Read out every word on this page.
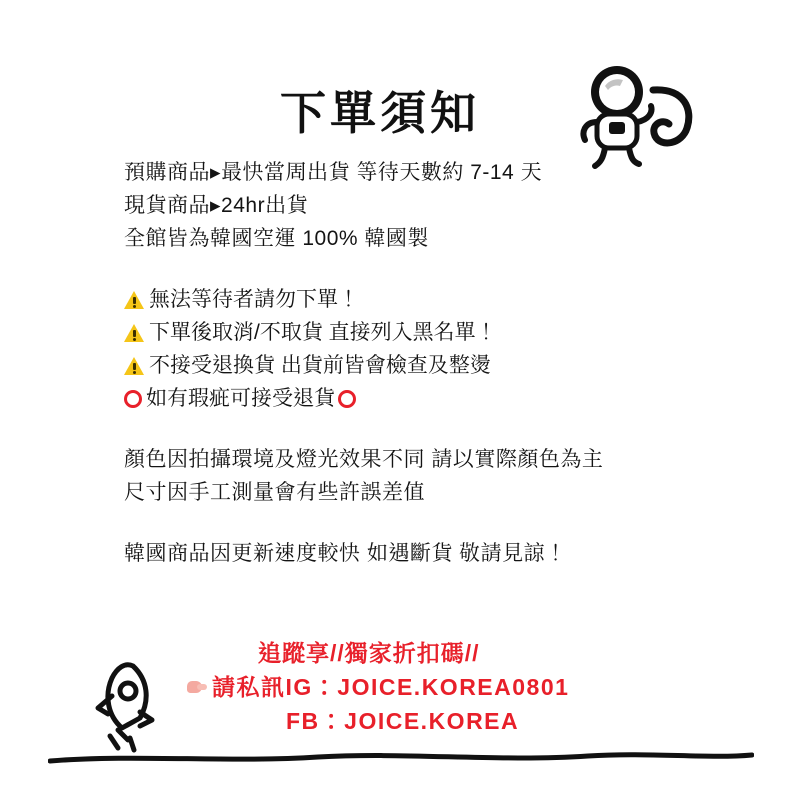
下單須知
預購商品▸最快當周出貨 等待天數約 7-14 天
現貨商品▸24hr出貨
全館皆為韓國空運 100% 韓國製
無法等待者請勿下單！
下單後取消/不取貨 直接列入黑名單！
不接受退換貨 出貨前皆會檢查及整燙
如有瑕疵可接受退貨
顏色因拍攝環境及燈光效果不同 請以實際顏色為主
尺寸因手工測量會有些許誤差值
韓國商品因更新速度較快 如遇斷貨 敬請見諒！
追蹤享//獨家折扣碼//
請私訊IG：JOICE.KOREA0801
FB：JOICE.KOREA
